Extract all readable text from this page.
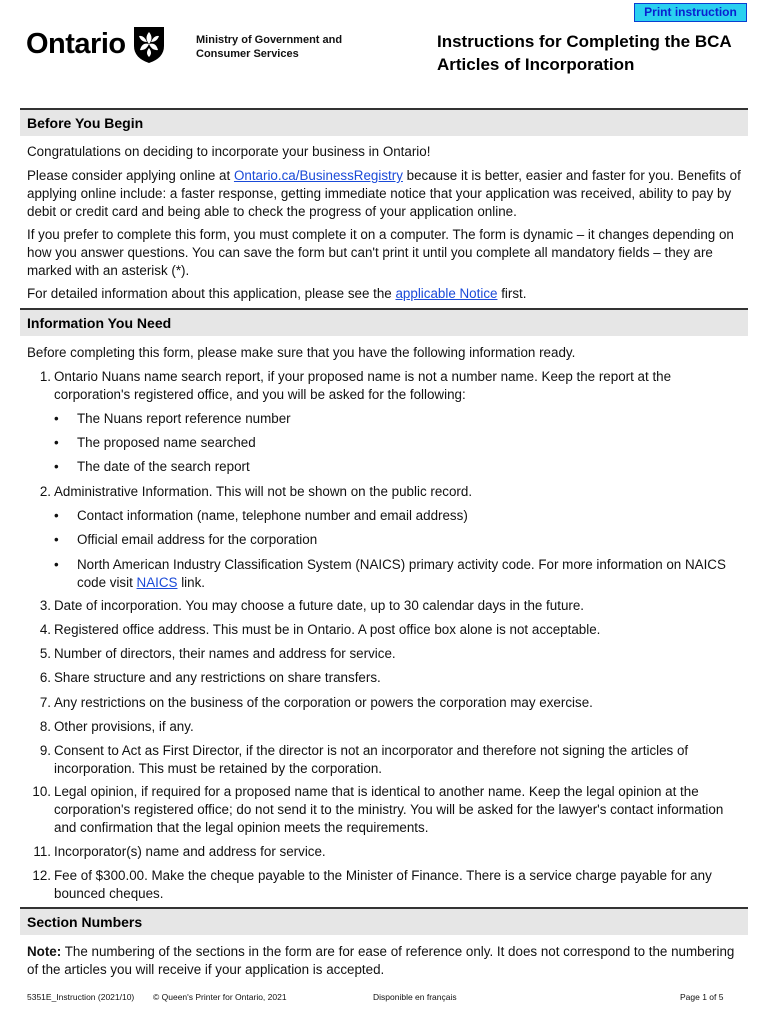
Print instruction
Ontario	Ministry of Government and Consumer Services
Instructions for Completing the BCA Articles of Incorporation
Before You Begin
Congratulations on deciding to incorporate your business in Ontario!
Please consider applying online at Ontario.ca/BusinessRegistry because it is better, easier and faster for you. Benefits of applying online include: a faster response, getting immediate notice that your application was received, ability to pay by debit or credit card and being able to check the progress of your application online.
If you prefer to complete this form, you must complete it on a computer. The form is dynamic – it changes depending on how you answer questions. You can save the form but can't print it until you complete all mandatory fields – they are marked with an asterisk (*).
For detailed information about this application, please see the applicable Notice first.
Information You Need
Before completing this form, please make sure that you have the following information ready.
1. Ontario Nuans name search report, if your proposed name is not a number name. Keep the report at the corporation's registered office, and you will be asked for the following:
•	The Nuans report reference number
•	The proposed name searched
•	The date of the search report
2. Administrative Information. This will not be shown on the public record.
•	Contact information (name, telephone number and email address)
•	Official email address for the corporation
•	North American Industry Classification System (NAICS) primary activity code. For more information on NAICS code visit NAICS link.
3. Date of incorporation. You may choose a future date, up to 30 calendar days in the future.
4. Registered office address. This must be in Ontario. A post office box alone is not acceptable.
5. Number of directors, their names and address for service.
6. Share structure and any restrictions on share transfers.
7. Any restrictions on the business of the corporation or powers the corporation may exercise.
8. Other provisions, if any.
9. Consent to Act as First Director, if the director is not an incorporator and therefore not signing the articles of incorporation. This must be retained by the corporation.
10. Legal opinion, if required for a proposed name that is identical to another name. Keep the legal opinion at the corporation's registered office; do not send it to the ministry. You will be asked for the lawyer's contact information and confirmation that the legal opinion meets the requirements.
11. Incorporator(s) name and address for service.
12. Fee of $300.00. Make the cheque payable to the Minister of Finance. There is a service charge payable for any bounced cheques.
Section Numbers
Note: The numbering of the sections in the form are for ease of reference only. It does not correspond to the numbering of the articles you will receive if your application is accepted.
5351E_Instruction (2021/10) © Queen's Printer for Ontario, 2021	Disponible en français	Page 1 of 5
